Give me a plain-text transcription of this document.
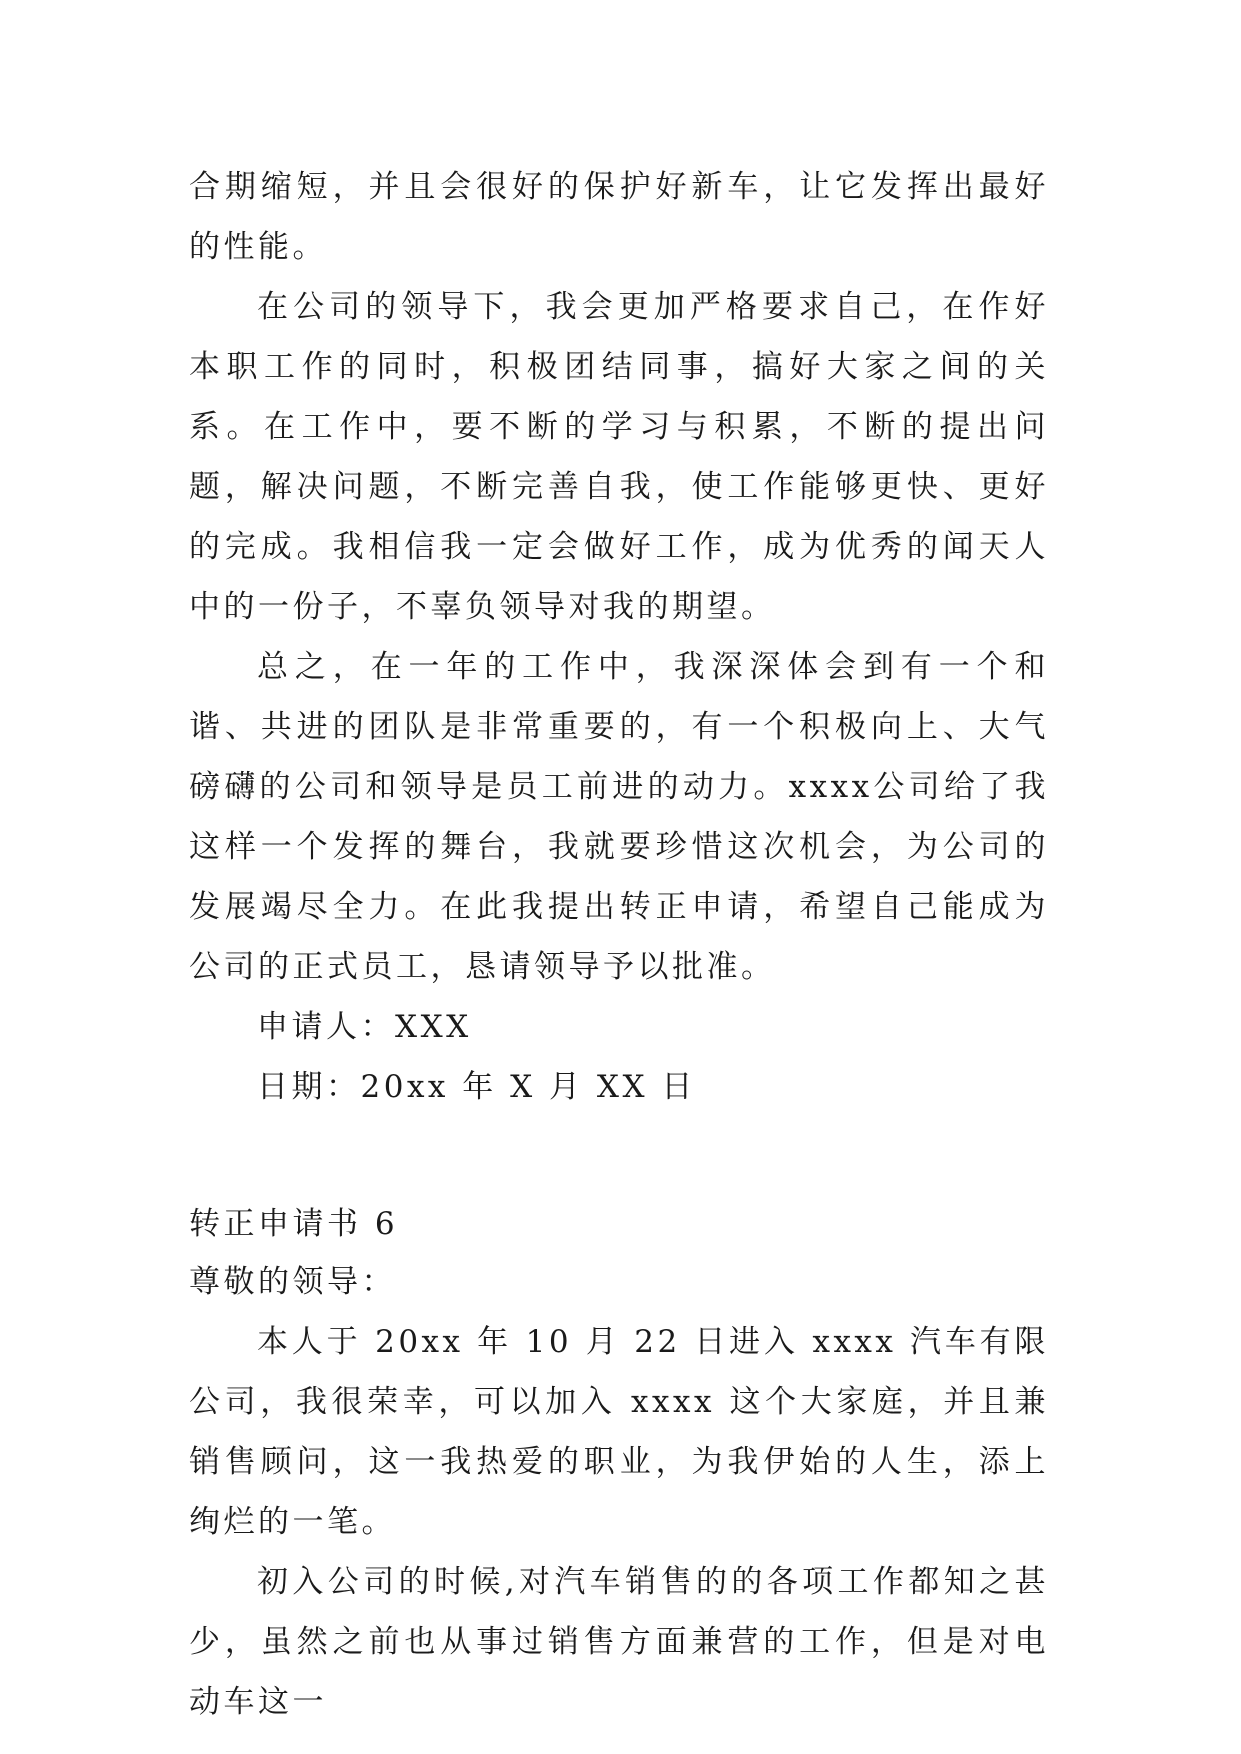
合期缩短，并且会很好的保护好新车，让它发挥出最好的性能。

在公司的领导下，我会更加严格要求自己，在作好本职工作的同时，积极团结同事，搞好大家之间的关系。在工作中，要不断的学习与积累，不断的提出问题，解决问题，不断完善自我，使工作能够更快、更好的完成。我相信我一定会做好工作，成为优秀的闻天人中的一份子，不辜负领导对我的期望。

总之，在一年的工作中，我深深体会到有一个和谐、共进的团队是非常重要的，有一个积极向上、大气磅礴的公司和领导是员工前进的动力。xxxx公司给了我这样一个发挥的舞台，我就要珍惜这次机会，为公司的发展竭尽全力。在此我提出转正申请，希望自己能成为公司的正式员工，恳请领导予以批准。

申请人：XXX

日期：20xx 年 X 月 XX 日

转正申请书 6

尊敬的领导：

本人于 20xx 年 10 月 22 日进入 xxxx 汽车有限公司，我很荣幸，可以加入 xxxx 这个大家庭，并且兼销售顾问，这一我热爱的职业，为我伊始的人生，添上绚烂的一笔。

初入公司的时候,对汽车销售的的各项工作都知之甚少，虽然之前也从事过销售方面兼营的工作，但是对电动车这一
